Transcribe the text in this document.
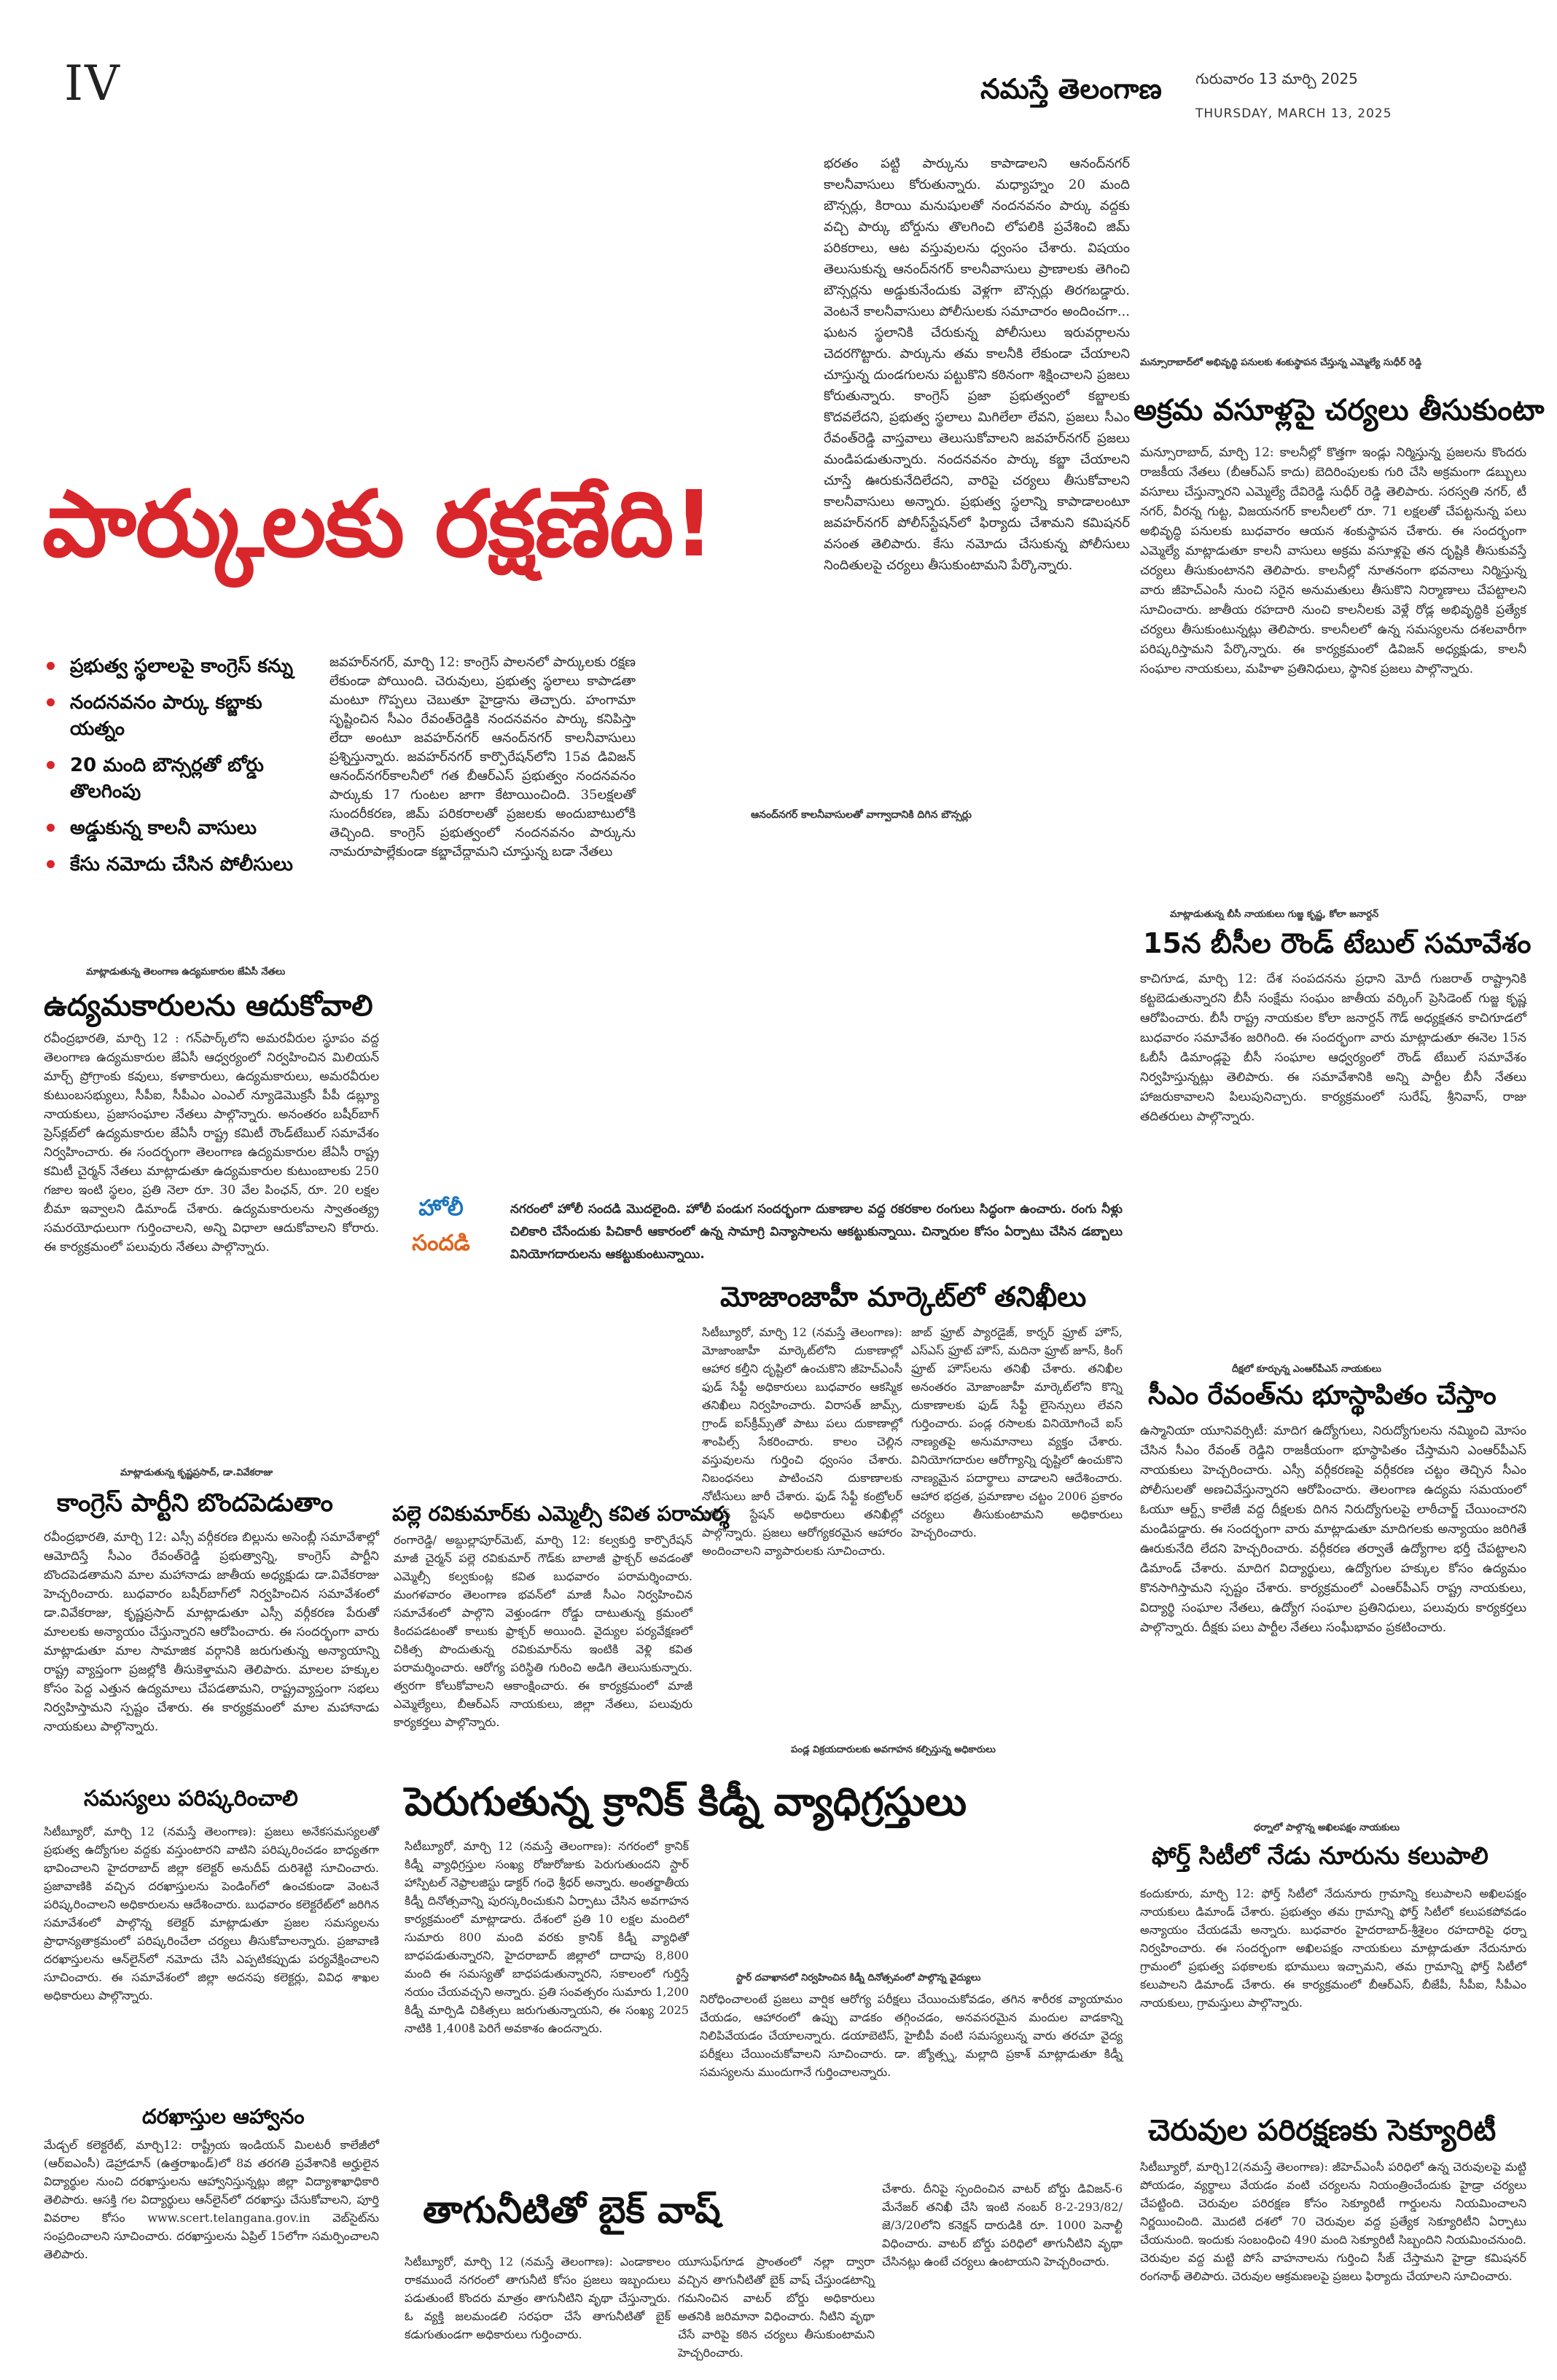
IV	నమస్తే తెలంగాణ గురువారం 13 మార్చి 2025
THURSDAY, MARCH 13, 2025
పార్కులకు రక్షణేది!
భరతం పట్టి పార్కును కాపాడాలని ఆనంద్‌నగర్ కాలనీవాసులు కోరుతున్నారు. మధ్యాహ్నం 20 మంది బౌన్సర్లు, కిరాయి మనుషులతో నందనవనం పార్కు వద్దకు వచ్చి పార్కు బోర్డును తొలగించి లోపలికి ప్రవేశించి జిమ్ పరికరాలు, ఆట వస్తువులను ధ్వంసం చేశారు. విషయం తెలుసుకున్న ఆనంద్‌నగర్ కాలనీవాసులు ప్రాణాలకు తెగించి బౌన్సర్లను అడ్డుకునేందుకు వెళ్లగా బౌన్సర్లు తిరగబడ్డారు. వెంటనే కాలనీవాసులు పోలీసులకు సమాచారం అందించగా... ఘటన స్థలానికి చేరుకున్న పోలీసులు ఇరువర్గాలను చెదరగొట్టారు. పార్కును తమ కాలనీకి లేకుండా చేయాలని చూస్తున్న దుండగులను పట్టుకొని కఠినంగా శిక్షించాలని ప్రజలు కోరుతున్నారు. కాంగ్రెస్ ప్రజా ప్రభుత్వంలో కబ్జాలకు కొదవలేదని, ప్రభుత్వ స్థలాలు మిగిలేలా లేవని, ప్రజలు సీఎం రేవంత్‌రెడ్డి వాస్తవాలు తెలుసుకోవాలని జవహర్‌నగర్ ప్రజలు మండిపడుతున్నారు. నందనవనం పార్కు కబ్జా చేయాలని చూస్తే ఊరుకునేదిలేదని, వారిపై చర్యలు తీసుకోవాలని కాలనీవాసులు అన్నారు. ప్రభుత్వ స్థలాన్ని కాపాడాలంటూ జవహర్‌నగర్ పోలీస్‌స్టేషన్‌లో ఫిర్యాదు చేశామని కమిషనర్ వసంత తెలిపారు. కేసు నమోదు చేసుకున్న పోలీసులు నిందితులపై చర్యలు తీసుకుంటామని పేర్కొన్నారు.
ప్రభుత్వ స్థలాలపై కాంగ్రెస్ కన్ను
నందనవనం పార్కు కబ్జాకు యత్నం
20 మంది బౌన్సర్లతో బోర్డు తొలగింపు
అడ్డుకున్న కాలనీ వాసులు
కేసు నమోదు చేసిన పోలీసులు
జవహర్‌నగర్, మార్చి 12: కాంగ్రెస్ పాలనలో పార్కులకు రక్షణ లేకుండా పోయింది. చెరువులు, ప్రభుత్వ స్థలాలు కాపాడతా మంటూ గొప్పలు చెబుతూ హైడ్రాను తెచ్చారు. హంగామా సృష్టించిన సీఎం రేవంత్‌రెడ్డికి నందనవనం పార్కు కనిపిస్తా లేదా అంటూ జవహర్‌నగర్ ఆనంద్‌నగర్ కాలనీవాసులు ప్రశ్నిస్తున్నారు. జవహర్‌నగర్ కార్పొరేషన్‌లోని 15వ డివిజన్ ఆనంద్‌నగర్‌కాలనీలో గత బీఆర్ఎస్ ప్రభుత్వం నందనవనం పార్కుకు 17 గుంటల జాగా కేటాయించింది. 35లక్షలతో సుందరీకరణ, జిమ్ పరికరాలతో ప్రజలకు అందుబాటులోకి తెచ్చింది. కాంగ్రెస్ ప్రభుత్వంలో నందనవనం పార్కును నామరూపాల్లేకుండా కబ్జాచేద్దామని చూస్తున్న బడా నేతలు
ఆనంద్‌నగర్ కాలనీవాసులతో వాగ్వాదానికి దిగిన బౌన్సర్లు
మన్సూరాబాద్‌లో అభివృద్ధి పనులకు శంకుస్థాపన చేస్తున్న ఎమ్మెల్యే సుధీర్ రెడ్డి
అక్రమ వసూళ్లపై చర్యలు తీసుకుంటా
మన్సూరాబాద్, మార్చి 12: కాలనీల్లో కొత్తగా ఇండ్లు నిర్మిస్తున్న ప్రజలను కొందరు రాజకీయ నేతలు (బీఆర్ఎస్ కాదు) బెదిరింపులకు గురి చేసి అక్రమంగా డబ్బులు వసూలు చేస్తున్నారని ఎమ్మెల్యే దేవిరెడ్డి సుధీర్ రెడ్డి తెలిపారు. సరస్వతి నగర్, టీ నగర్, వీరన్న గుట్ట, విజయనగర్ కాలనీలలో రూ. 71 లక్షలతో చేపట్టనున్న పలు అభివృద్ధి పనులకు బుధవారం ఆయన శంకుస్థాపన చేశారు. ఈ సందర్భంగా ఎమ్మెల్యే మాట్లాడుతూ కాలనీ వాసులు అక్రమ వసూళ్లపై తన దృష్టికి తీసుకువస్తే చర్యలు తీసుకుంటానని తెలిపారు. కాలనీల్లో నూతనంగా భవనాలు నిర్మిస్తున్న వారు జీహెచ్ఎంసీ నుంచి సరైన అనుమతులు తీసుకొని నిర్మాణాలు చేపట్టాలని సూచించారు. జాతీయ రహదారి నుంచి కాలనీలకు వెళ్లే రోడ్ల అభివృద్ధికి ప్రత్యేక చర్యలు తీసుకుంటున్నట్లు తెలిపారు. కాలనీలలో ఉన్న సమస్యలను దశలవారీగా పరిష్కరిస్తామని పేర్కొన్నారు. ఈ కార్యక్రమంలో డివిజన్ అధ్యక్షుడు, కాలనీ సంఘాల నాయకులు, మహిళా ప్రతినిధులు, స్థానిక ప్రజలు పాల్గొన్నారు.
మాట్లాడుతున్న బీసీ నాయకులు గుజ్జ కృష్ణ, కోలా జనార్దన్
15న బీసీల రౌండ్ టేబుల్ సమావేశం
కాచిగూడ, మార్చి 12: దేశ సంపదనను ప్రధాని మోదీ గుజరాత్ రాష్ట్రానికి కట్టబెడుతున్నారని బీసీ సంక్షేమ సంఘం జాతీయ వర్కింగ్ ప్రెసిడెంట్ గుజ్జ కృష్ణ ఆరోపించారు. బీసీ రాష్ట్ర నాయకుల కోలా జనార్దన్ గౌడ్ అధ్యక్షతన కాచిగూడలో బుధవారం సమావేశం జరిగింది. ఈ సందర్భంగా వారు మాట్లాడుతూ ఈనెల 15న ఓబీసీ డిమాండ్లపై బీసీ సంఘాల ఆధ్వర్యంలో రౌండ్ టేబుల్ సమావేశం నిర్వహిస్తున్నట్లు తెలిపారు. ఈ సమావేశానికి అన్ని పార్టీల బీసీ నేతలు హాజరుకావాలని పిలుపునిచ్చారు. కార్యక్రమంలో సురేష్, శ్రీనివాస్, రాజు తదితరులు పాల్గొన్నారు.
మాట్లాడుతున్న తెలంగాణ ఉద్యమకారుల జేఏసీ నేతలు
ఉద్యమకారులను ఆదుకోవాలి
రవీంద్రభారతి, మార్చి 12 : గన్‌పార్క్‌లోని అమరవీరుల స్థూపం వద్ద తెలంగాణ ఉద్యమకారుల జేఏసీ ఆధ్వర్యంలో నిర్వహించిన మిలియన్ మార్చ్ ప్రోగ్రాంకు కవులు, కళాకారులు, ఉద్యమకారులు, అమరవీరుల కుటుంబసభ్యులు, సీపీఐ, సీపీఎం ఎంఎల్ న్యూడెమొక్రసీ పీపీ డబ్ల్యూ నాయకులు, ప్రజాసంఘాల నేతలు పాల్గొన్నారు. అనంతరం బషీర్‌బాగ్ ప్రెస్‌క్లబ్‌లో ఉద్యమకారుల జేఏసీ రాష్ట్ర కమిటీ రౌండ్‌టేబుల్ సమావేశం నిర్వహించారు. ఈ సందర్భంగా తెలంగాణ ఉద్యమకారుల జేఏసీ రాష్ట్ర కమిటీ చైర్మన్ నేతలు మాట్లాడుతూ ఉద్యమకారుల కుటుంబాలకు 250 గజాల ఇంటి స్థలం, ప్రతి నెలా రూ. 30 వేల పింఛన్, రూ. 20 లక్షల బీమా ఇవ్వాలని డిమాండ్ చేశారు. ఉద్యమకారులను స్వాతంత్య్ర సమరయోధులుగా గుర్తించాలని, అన్ని విధాలా ఆదుకోవాలని కోరారు. ఈ కార్యక్రమంలో పలువురు నేతలు పాల్గొన్నారు.
హోలీ
సందడి
నగరంలో హోలీ సందడి మొదలైంది. హోలీ పండుగ సందర్భంగా దుకాణాల వద్ద రకరకాల రంగులు సిద్ధంగా ఉంచారు. రంగు నీళ్లు చిలికారి చేసేందుకు పిచికారీ ఆకారంలో ఉన్న సామాగ్రి విన్యాసాలను ఆకట్టుకున్నాయి. చిన్నారుల కోసం ఏర్పాటు చేసిన డబ్బాలు వినియోగదారులను ఆకట్టుకుంటున్నాయి.
మోజాంజాహీ మార్కెట్‌లో తనిఖీలు
సిటీబ్యూరో, మార్చి 12 (నమస్తే తెలంగాణ): మోజాంజాహీ మార్కెట్‌లోని దుకాణాల్లో ఆహార కల్తీని దృష్టిలో ఉంచుకొని జీహెచ్ఎంసీ ఫుడ్ సేఫ్టీ అధికారులు బుధవారం ఆకస్మిక తనిఖీలు నిర్వహించారు. విరాసత్ జామ్స్, గ్రాండ్ ఐస్‌క్రీమ్స్‌తో పాటు పలు దుకాణాల్లో శాంపిల్స్ సేకరించారు. కాలం చెల్లిన వస్తువులను గుర్తించి ధ్వంసం చేశారు. నిబంధనలు పాటించని దుకాణాలకు నోటీసులు జారీ చేశారు. ఫుడ్ సేఫ్టీ కంట్రోలర్ పోలీస్ స్టేషన్ అధికారులు తనిఖీల్లో పాల్గొన్నారు. ప్రజలు ఆరోగ్యకరమైన ఆహారం అందించాలని వ్యాపారులకు సూచించారు.
జాబ్ ఫ్రూట్ ప్యారడైజ్, కార్నర్ ఫ్రూట్ హౌస్, ఎస్ఎస్ ఫ్రూట్ హౌస్, మదినా ఫ్రూట్ జూస్, కింగ్ ఫ్రూట్ హౌస్‌లను తనిఖీ చేశారు. తనిఖీల అనంతరం మోజాంజాహీ మార్కెట్‌లోని కొన్ని దుకాణాలకు ఫుడ్ సేఫ్టీ లైసెన్సులు లేవని గుర్తించారు. పండ్ల రసాలకు వినియోగించే ఐస్ నాణ్యతపై అనుమానాలు వ్యక్తం చేశారు. వినియోగదారుల ఆరోగ్యాన్ని దృష్టిలో ఉంచుకొని నాణ్యమైన పదార్థాలు వాడాలని ఆదేశించారు. ఆహార భద్రత, ప్రమాణాల చట్టం 2006 ప్రకారం చర్యలు తీసుకుంటామని అధికారులు హెచ్చరించారు.
దీక్షలో కూర్చున్న ఎంఆర్‌పీఎస్ నాయకులు
సీఎం రేవంత్‌ను భూస్థాపితం చేస్తాం
ఉస్మానియా యూనివర్సిటీ: మాదిగ ఉద్యోగులు, నిరుద్యోగులను నమ్మించి మోసం చేసిన సీఎం రేవంత్ రెడ్డిని రాజకీయంగా భూస్థాపితం చేస్తామని ఎంఆర్‌పీఎస్ నాయకులు హెచ్చరించారు. ఎస్సీ వర్గీకరణపై వర్గీకరణ చట్టం తెచ్చిన సీఎం పోలీసులతో అణచివేస్తున్నారని ఆరోపించారు. తెలంగాణ ఉద్యమ సమయంలో ఓయూ ఆర్ట్స్ కాలేజీ వద్ద దీక్షలకు దిగిన నిరుద్యోగులపై లాఠీచార్జ్ చేయించారని మండిపడ్డారు. ఈ సందర్భంగా వారు మాట్లాడుతూ మాదిగలకు అన్యాయం జరిగితే ఊరుకునేది లేదని హెచ్చరించారు. వర్గీకరణ తర్వాతే ఉద్యోగాల భర్తీ చేపట్టాలని డిమాండ్ చేశారు. మాదిగ విద్యార్థులు, ఉద్యోగుల హక్కుల కోసం ఉద్యమం కొనసాగిస్తామని స్పష్టం చేశారు. కార్యక్రమంలో ఎంఆర్‌పీఎస్ రాష్ట్ర నాయకులు, విద్యార్థి సంఘాల నేతలు, ఉద్యోగ సంఘాల ప్రతినిధులు, పలువురు కార్యకర్తలు పాల్గొన్నారు. దీక్షకు పలు పార్టీల నేతలు సంఘీభావం ప్రకటించారు.
మాట్లాడుతున్న కృష్ణప్రసాద్, డా.వివేకరాజు
కాంగ్రెస్ పార్టీని బొందపెడుతాం
రవీంద్రభారతి, మార్చి 12: ఎస్సీ వర్గీకరణ బిల్లును అసెంబ్లీ సమావేశాల్లో ఆమోదిస్తే సీఎం రేవంత్‌రెడ్డి ప్రభుత్వాన్ని, కాంగ్రెస్ పార్టీని బొందపెడతామని మాల మహానాడు జాతీయ అధ్యక్షుడు డా.వివేకరాజు హెచ్చరించారు. బుధవారం బషీర్‌బాగ్‌లో నిర్వహించిన సమావేశంలో డా.వివేకరాజు, కృష్ణప్రసాద్ మాట్లాడుతూ ఎస్సీ వర్గీకరణ పేరుతో మాలలకు అన్యాయం చేస్తున్నారని ఆరోపించారు. ఈ సందర్భంగా వారు మాట్లాడుతూ మాల సామాజిక వర్గానికి జరుగుతున్న అన్యాయాన్ని రాష్ట్ర వ్యాప్తంగా ప్రజల్లోకి తీసుకెళ్తామని తెలిపారు. మాలల హక్కుల కోసం పెద్ద ఎత్తున ఉద్యమాలు చేపడతామని, రాష్ట్రవ్యాప్తంగా సభలు నిర్వహిస్తామని స్పష్టం చేశారు. ఈ కార్యక్రమంలో మాల మహానాడు నాయకులు పాల్గొన్నారు.
పల్లె రవికుమార్‌కు ఎమ్మెల్సీ కవిత పరామర్శ
రంగారెడ్డి/ అబ్దుల్లాపూర్‌మెట్, మార్చి 12: కల్వకుర్తి కార్పొరేషన్ మాజీ చైర్మన్ పల్లె రవికుమార్ గౌడ్‌కు బాలాజీ ఫ్రాక్చర్ అవడంతో ఎమ్మెల్సీ కల్వకుంట్ల కవిత బుధవారం పరామర్శించారు. మంగళవారం తెలంగాణ భవన్‌లో మాజీ సీఎం నిర్వహించిన సమావేశంలో పాల్గొని వెళ్తుండగా రోడ్డు దాటుతున్న క్రమంలో కిందపడటంతో కాలుకు ఫ్రాక్చర్ అయింది. వైద్యుల పర్యవేక్షణలో చికిత్స పొందుతున్న రవికుమార్‌ను ఇంటికి వెళ్లి కవిత పరామర్శించారు. ఆరోగ్య పరిస్థితి గురించి అడిగి తెలుసుకున్నారు. త్వరగా కోలుకోవాలని ఆకాంక్షించారు. ఈ కార్యక్రమంలో మాజీ ఎమ్మెల్యేలు, బీఆర్ఎస్ నాయకులు, జిల్లా నేతలు, పలువురు కార్యకర్తలు పాల్గొన్నారు.
పండ్ల విక్రయదారులకు అవగాహన కల్పిస్తున్న అధికారులు
పెరుగుతున్న క్రానిక్ కిడ్నీ వ్యాధిగ్రస్తులు
సిటీబ్యూరో, మార్చి 12 (నమస్తే తెలంగాణ): నగరంలో క్రానిక్ కిడ్నీ వ్యాధిగ్రస్తుల సంఖ్య రోజురోజుకు పెరుగుతుందని స్టార్ హాస్పిటల్ నెఫ్రాలజిస్టు డాక్టర్ గంధె శ్రీధర్ అన్నారు. అంతర్జాతీయ కిడ్నీ దినోత్సవాన్ని పురస్కరించుకుని ఏర్పాటు చేసిన అవగాహన కార్యక్రమంలో మాట్లాడారు. దేశంలో ప్రతి 10 లక్షల మందిలో సుమారు 800 మంది వరకు క్రానిక్ కిడ్నీ వ్యాధితో బాధపడుతున్నారని, హైదరాబాద్ జిల్లాలో దాదాపు 8,800 మంది ఈ సమస్యతో బాధపడుతున్నారని, సకాలంలో గుర్తిస్తే నయం చేయవచ్చని అన్నారు. ప్రతి సంవత్సరం సుమారు 1,200 కిడ్నీ మార్పిడి చికిత్సలు జరుగుతున్నాయని, ఈ సంఖ్య 2025 నాటికి 1,400కి పెరిగే అవకాశం ఉందన్నారు.
స్టార్ దవాఖానలో నిర్వహించిన కిడ్నీ దినోత్సవంలో పాల్గొన్న వైద్యులు
నిరోధించాలంటే ప్రజలు వార్షిక ఆరోగ్య పరీక్షలు చేయించుకోవడం, తగిన శారీరక వ్యాయామం చేయడం, ఆహారంలో ఉప్పు వాడకం తగ్గించడం, అనవసరమైన మందుల వాడకాన్ని నిలిపివేయడం చేయాలన్నారు. డయాబెటిస్, హైబీపీ వంటి సమస్యలున్న వారు తరచూ వైద్య పరీక్షలు చేయించుకోవాలని సూచించారు. డా. జ్యోత్స్న, మల్లాది ప్రకాశ్ మాట్లాడుతూ కిడ్నీ సమస్యలను ముందుగానే గుర్తించాలన్నారు.
సమస్యలు పరిష్కరించాలి
సిటీబ్యూరో, మార్చి 12 (నమస్తే తెలంగాణ): ప్రజలు అనేకసమస్యలతో ప్రభుత్వ ఉద్యోగుల వద్దకు వస్తుంటారని వాటిని పరిష్కరించడం బాధ్యతగా భావించాలని హైదరాబాద్ జిల్లా కలెక్టర్ అనుదీప్ దురిశెట్టి సూచించారు. ప్రజావాణికి వచ్చిన దరఖాస్తులను పెండింగ్‌లో ఉంచకుండా వెంటనే పరిష్కరించాలని అధికారులను ఆదేశించారు. బుధవారం కలెక్టరేట్‌లో జరిగిన సమావేశంలో పాల్గొన్న కలెక్టర్ మాట్లాడుతూ ప్రజల సమస్యలను ప్రాధాన్యతాక్రమంలో పరిష్కరించేలా చర్యలు తీసుకోవాలన్నారు. ప్రజావాణి దరఖాస్తులను ఆన్‌లైన్‌లో నమోదు చేసి ఎప్పటికప్పుడు పర్యవేక్షించాలని సూచించారు. ఈ సమావేశంలో జిల్లా అదనపు కలెక్టర్లు, వివిధ శాఖల అధికారులు పాల్గొన్నారు.
దరఖాస్తుల ఆహ్వానం
మేడ్చల్ కలెక్టరేట్, మార్చి12: రాష్ట్రీయ ఇండియన్ మిలటరీ కాలేజీలో (ఆర్ఐఎంసీ) డెహ్రాడూన్ (ఉత్తరాఖండ్)లో 8వ తరగతి ప్రవేశానికి అర్హులైన విద్యార్థుల నుంచి దరఖాస్తులను ఆహ్వానిస్తున్నట్లు జిల్లా విద్యాశాఖాధికారి తెలిపారు. ఆసక్తి గల విద్యార్థులు ఆన్‌లైన్‌లో దరఖాస్తు చేసుకోవాలని, పూర్తి వివరాల కోసం www.scert.telangana.gov.in వెబ్‌సైట్‌ను సంప్రదించాలని సూచించారు. దరఖాస్తులను ఏప్రిల్ 15లోగా సమర్పించాలని తెలిపారు.
తాగునీటితో బైక్ వాష్
సిటీబ్యూరో, మార్చి 12 (నమస్తే తెలంగాణ): ఎండాకాలం రాకముందే నగరంలో తాగునీటి కోసం ప్రజలు ఇబ్బందులు పడుతుంటే కొందరు మాత్రం తాగునీటిని వృథా చేస్తున్నారు. ఓ వ్యక్తి జలమండలి సరఫరా చేసే తాగునీటితో బైక్ కడుగుతుండగా అధికారులు గుర్తించారు.
యూసుఫ్‌గూడ ప్రాంతంలో నల్లా ద్వారా వచ్చిన తాగునీటితో బైక్ వాష్ చేస్తుండటాన్ని గమనించిన వాటర్ బోర్డు అధికారులు అతనికి జరిమానా విధించారు. నీటిని వృథా చేసే వారిపై కఠిన చర్యలు తీసుకుంటామని హెచ్చరించారు.
చేశారు. దీనిపై స్పందించిన వాటర్ బోర్డు డివిజన్-6 మేనేజర్ తనిఖీ చేసి ఇంటి నంబర్ 8-2-293/82/జె/3/20లోని కనెక్షన్ దారుడికి రూ. 1000 పెనాల్టీ విధించారు. వాటర్ బోర్డు పరిధిలో తాగునీటిని వృథా చేసినట్లు ఉంటే చర్యలు ఉంటాయని హెచ్చరించారు.
ధర్నాలో పాల్గొన్న అఖిలపక్షం నాయకులు
ఫోర్త్ సిటీలో నేడు నూరును కలుపాలి
కందుకూరు, మార్చి 12: ఫోర్త్ సిటీలో నేదునూరు గ్రామాన్ని కలుపాలని అఖిలపక్షం నాయకులు డిమాండ్ చేశారు. ప్రభుత్వం తమ గ్రామాన్ని ఫోర్త్ సిటీలో కలుపకపోవడం అన్యాయం చేయడమే అన్నారు. బుధవారం హైదరాబాద్-శ్రీశైలం రహదారిపై ధర్నా నిర్వహించారు. ఈ సందర్భంగా అఖిలపక్షం నాయకులు మాట్లాడుతూ నేదునూరు గ్రామంలో ప్రభుత్వ పథకాలకు భూములు ఇచ్చామని, తమ గ్రామాన్ని ఫోర్త్ సిటీలో కలుపాలని డిమాండ్ చేశారు. ఈ కార్యక్రమంలో బీఆర్ఎస్, బీజేపీ, సీపీఐ, సీపీఎం నాయకులు, గ్రామస్తులు పాల్గొన్నారు.
చెరువుల పరిరక్షణకు సెక్యూరిటీ
సిటీబ్యూరో, మార్చి12(నమస్తే తెలంగాణ): జీహెచ్ఎంసీ పరిధిలో ఉన్న చెరువులపై మట్టి పోయడం, వ్యర్థాలు వేయడం వంటి చర్యలను నియంత్రించేందుకు హైడ్రా చర్యలు చేపట్టింది. చెరువుల పరిరక్షణ కోసం సెక్యూరిటీ గార్డులను నియమించాలని నిర్ణయించింది. మొదటి దశలో 70 చెరువుల వద్ద ప్రత్యేక సెక్యూరిటీని ఏర్పాటు చేయనుంది. ఇందుకు సంబంధించి 490 మంది సెక్యూరిటీ సిబ్బందిని నియమించనుంది. చెరువుల వద్ద మట్టి పోసే వాహనాలను గుర్తించి సీజ్ చేస్తామని హైడ్రా కమిషనర్ రంగనాథ్ తెలిపారు. చెరువుల ఆక్రమణలపై ప్రజలు ఫిర్యాదు చేయాలని సూచించారు.
